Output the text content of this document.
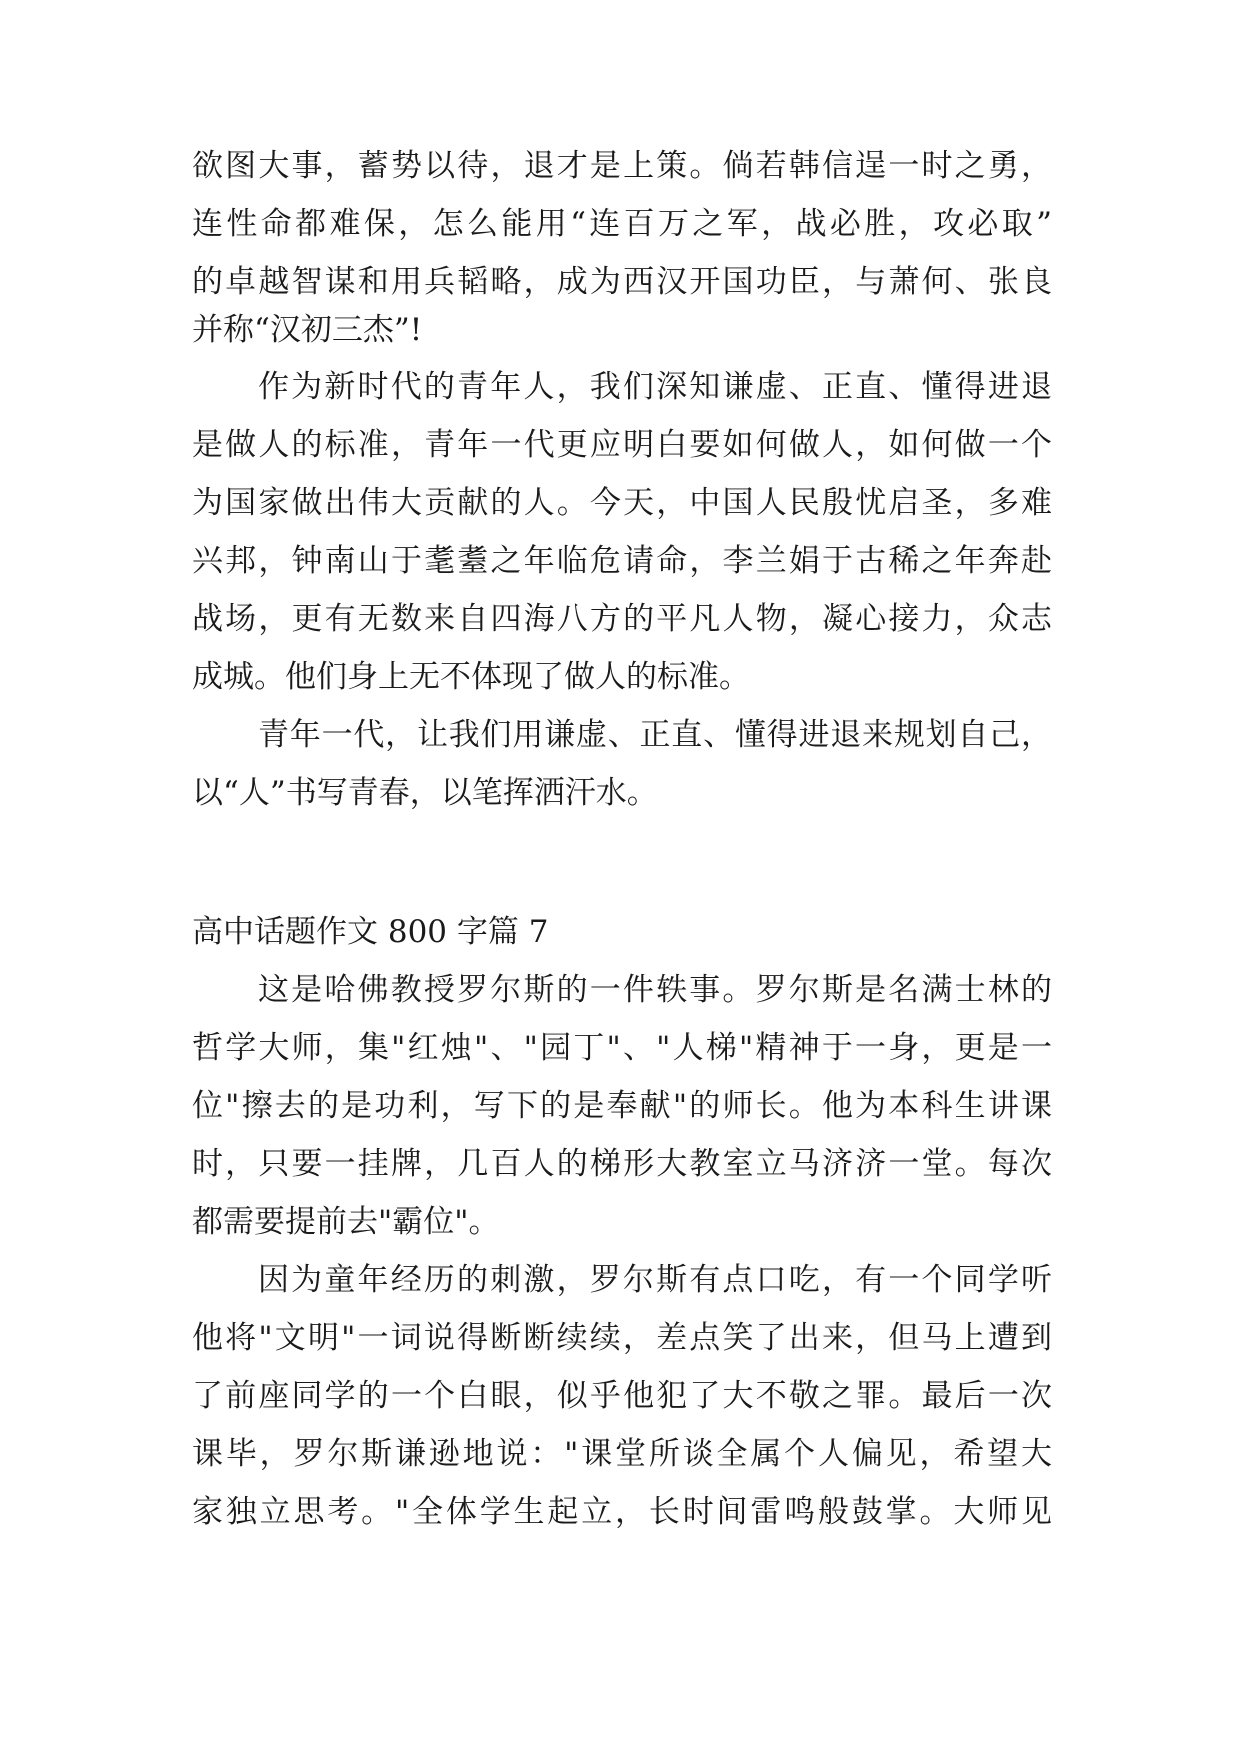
欲图大事，蓄势以待，退才是上策。倘若韩信逞一时之勇，
连性命都难保，怎么能用“连百万之军，战必胜，攻必取”
的卓越智谋和用兵韬略，成为西汉开国功臣，与萧何、张良
并称“汉初三杰”!
作为新时代的青年人，我们深知谦虚、正直、懂得进退
是做人的标准，青年一代更应明白要如何做人，如何做一个
为国家做出伟大贡献的人。今天，中国人民殷忧启圣，多难
兴邦，钟南山于耄耋之年临危请命，李兰娟于古稀之年奔赴
战场，更有无数来自四海八方的平凡人物，凝心接力，众志
成城。他们身上无不体现了做人的标准。
青年一代，让我们用谦虚、正直、懂得进退来规划自己，
以“人”书写青春，以笔挥洒汗水。
高中话题作文 800 字篇 7
这是哈佛教授罗尔斯的一件轶事。罗尔斯是名满士林的
哲学大师，集"红烛"、"园丁"、"人梯"精神于一身，更是一
位"擦去的是功利，写下的是奉献"的师长。他为本科生讲课
时，只要一挂牌，几百人的梯形大教室立马济济一堂。每次
都需要提前去"霸位"。
因为童年经历的刺激，罗尔斯有点口吃，有一个同学听
他将"文明"一词说得断断续续，差点笑了出来，但马上遭到
了前座同学的一个白眼，似乎他犯了大不敬之罪。最后一次
课毕，罗尔斯谦逊地说："课堂所谈全属个人偏见，希望大
家独立思考。"全体学生起立，长时间雷鸣般鼓掌。大师见
